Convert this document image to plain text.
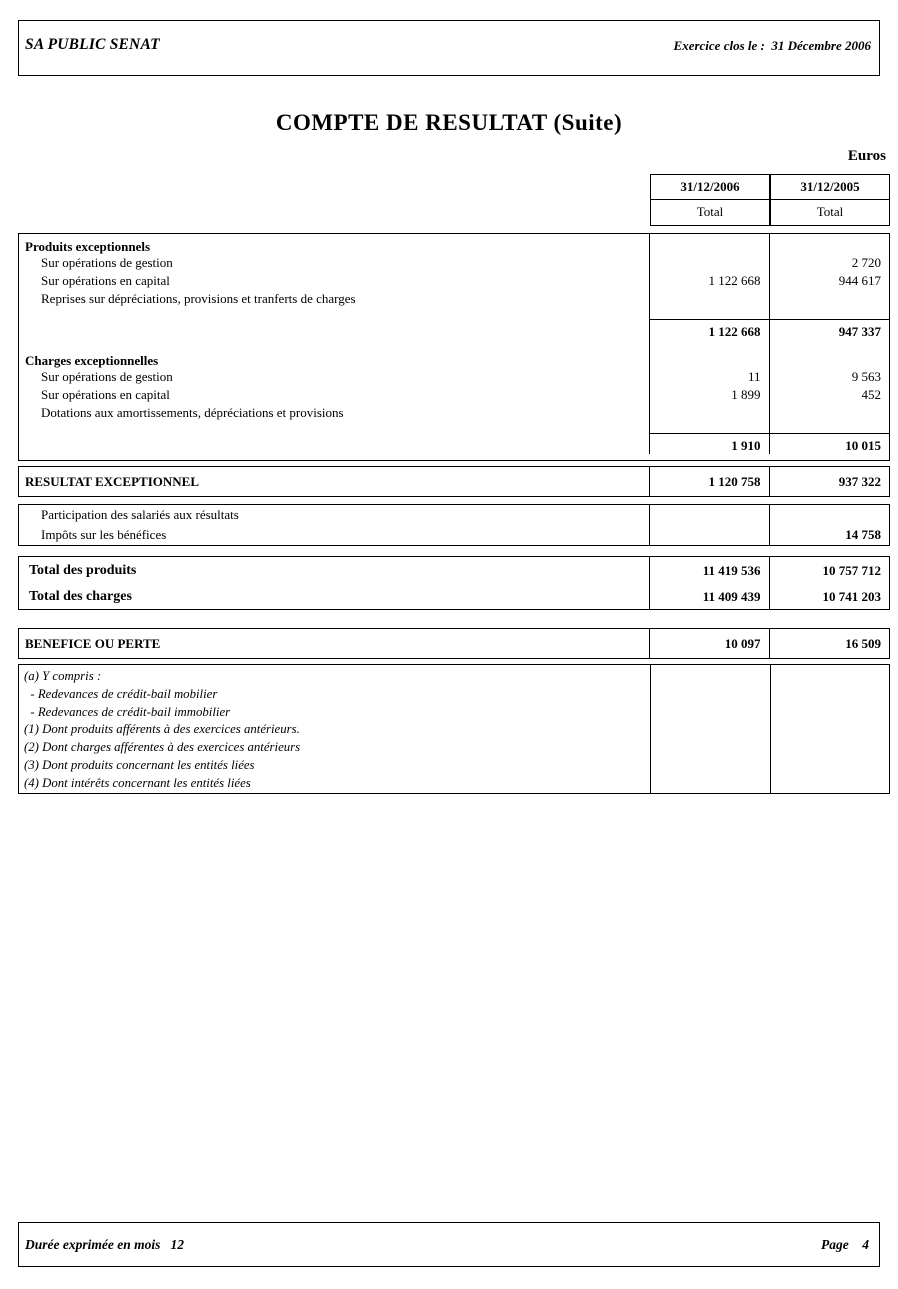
SA PUBLIC SENAT	Exercice clos le :  31 Décembre 2006
COMPTE DE RESULTAT (Suite)
Euros
31/12/2006	31/12/2005
Total	Total
Produits exceptionnels		
Sur opérations de gestion		2 720
Sur opérations en capital	1 122 668	944 617
Reprises sur dépréciations, provisions et tranferts de charges		

	1 122 668	947 337

Charges exceptionnelles		
Sur opérations de gestion	11	9 563
Sur opérations en capital	1 899	452
Dotations aux amortissements, dépréciations et provisions		

	1 910	10 015
RESULTAT EXCEPTIONNEL	1 120 758	937 322
Participation des salariés aux résultats		
Impôts sur les bénéfices		14 758
Total des produits	11 419 536	10 757 712
Total des charges	11 409 439	10 741 203
BENEFICE OU PERTE	10 097	16 509
(a) Y compris :
- Redevances de crédit-bail mobilier
- Redevances de crédit-bail immobilier
(1) Dont produits afférents à des exercices antérieurs.
(2) Dont charges afférentes à des exercices antérieurs
(3) Dont produits concernant les entités liées
(4) Dont intérêts concernant les entités liées
Durée exprimée en mois   12	Page    4
